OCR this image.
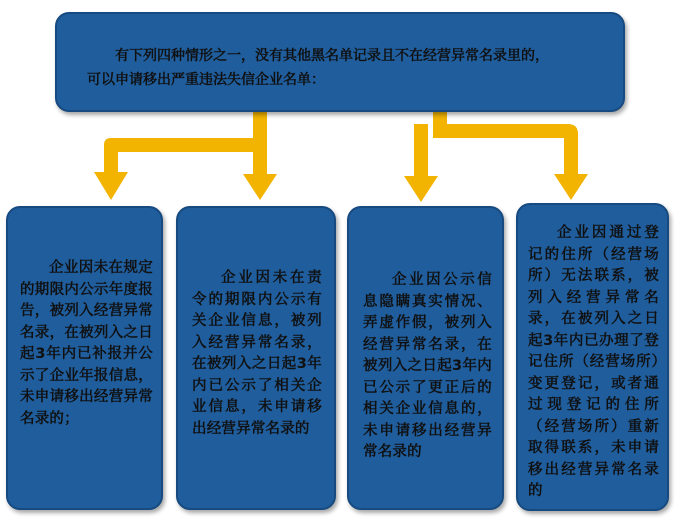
有下列四种情形之一，没有其他黑名单记录且不在经营异常名录里的，
可以申请移出严重违法失信企业名单：

企业因未在规定的期限内公示年度报告，被列入经营异常名录，在被列入之日起3年内已补报并公示了企业年报信息，未申请移出经营异常名录的；

企业因未在责令的期限内公示有关企业信息，被列入经营异常名录，在被列入之日起3年内已公示了相关企业信息，未申请移出经营异常名录的

企业因公示信息隐瞒真实情况、弄虚作假，被列入经营异常名录，在被列入之日起3年内已公示了更正后的相关企业信息的，未申请移出经营异常名录的

企业因通过登记的住所（经营场所）无法联系，被列入经营异常名录，在被列入之日起3年内已办理了登记住所（经营场所）变更登记，或者通过现登记的住所（经营场所）重新取得联系，未申请移出经营异常名录的
